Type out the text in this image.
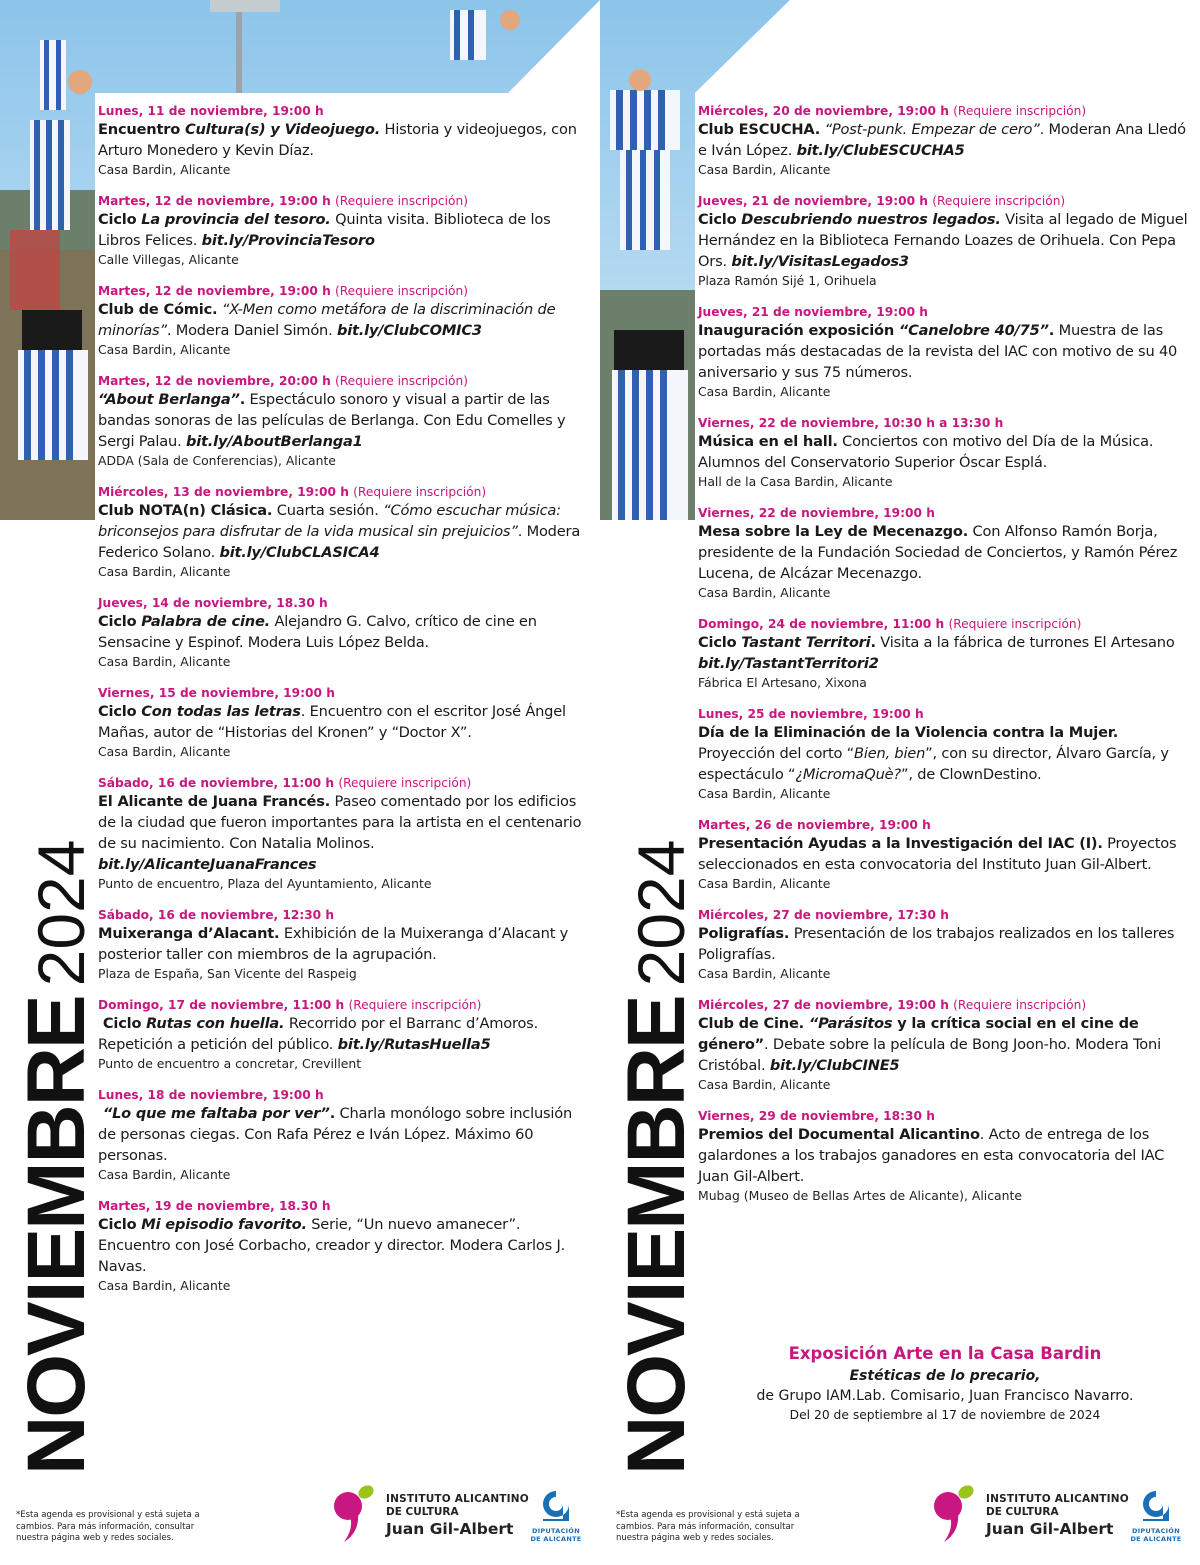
NOVIEMBRE2024
Lunes, 11 de noviembre, 19:00 h
Encuentro Cultura(s) y Videojuego. Historia y videojuegos, con Arturo Monedero y Kevin Díaz.
Casa Bardin, Alicante
Martes, 12 de noviembre, 19:00 h (Requiere inscripción)
Ciclo La provincia del tesoro. Quinta visita. Biblioteca de los Libros Felices. bit.ly/ProvinciaTesoro
Calle Villegas, Alicante
Martes, 12 de noviembre, 19:00 h (Requiere inscripción)
Club de Cómic. “X-Men como metáfora de la discriminación de minorías”. Modera Daniel Simón. bit.ly/ClubCOMIC3
Casa Bardin, Alicante
Martes, 12 de noviembre, 20:00 h (Requiere inscripción)
“About Berlanga”. Espectáculo sonoro y visual a partir de las bandas sonoras de las películas de Berlanga. Con Edu Comelles y Sergi Palau. bit.ly/AboutBerlanga1
ADDA (Sala de Conferencias), Alicante
Miércoles, 13 de noviembre, 19:00 h (Requiere inscripción)
Club NOTA(n) Clásica. Cuarta sesión. “Cómo escuchar música: briconsejos para disfrutar de la vida musical sin prejuicios”. Modera Federico Solano. bit.ly/ClubCLASICA4
Casa Bardin, Alicante
Jueves, 14 de noviembre, 18.30 h
Ciclo Palabra de cine. Alejandro G. Calvo, crítico de cine en Sensacine y Espinof. Modera Luis López Belda.
Casa Bardin, Alicante
Viernes, 15 de noviembre, 19:00 h
Ciclo Con todas las letras. Encuentro con el escritor José Ángel Mañas, autor de “Historias del Kronen” y “Doctor X”.
Casa Bardin, Alicante
Sábado, 16 de noviembre, 11:00 h (Requiere inscripción)
El Alicante de Juana Francés. Paseo comentado por los edificios de la ciudad que fueron importantes para la artista en el centenario de su nacimiento. Con Natalia Molinos. bit.ly/AlicanteJuanaFrances
Punto de encuentro, Plaza del Ayuntamiento, Alicante
Sábado, 16 de noviembre, 12:30 h
Muixeranga d’Alacant. Exhibición de la Muixeranga d’Alacant y posterior taller con miembros de la agrupación.
Plaza de España, San Vicente del Raspeig
Domingo, 17 de noviembre, 11:00 h (Requiere inscripción)
Ciclo Rutas con huella. Recorrido por el Barranc d’Amoros. Repetición a petición del público. bit.ly/RutasHuella5
Punto de encuentro a concretar, Crevillent
Lunes, 18 de noviembre, 19:00 h
“Lo que me faltaba por ver”. Charla monólogo sobre inclusión de personas ciegas. Con Rafa Pérez e Iván López. Máximo 60 personas.
Casa Bardin, Alicante
Martes, 19 de noviembre, 18.30 h
Ciclo Mi episodio favorito. Serie, “Un nuevo amanecer”. Encuentro con José Corbacho, creador y director. Modera Carlos J. Navas.
Casa Bardin, Alicante
*Esta agenda es provisional y está sujeta a cambios. Para más información, consultar nuestra página web y redes sociales.
INSTITUTO ALICANTINO
DE CULTURA
Juan Gil-Albert	DIPUTACIÓN
DE ALICANTE
NOVIEMBRE2024
Miércoles, 20 de noviembre, 19:00 h (Requiere inscripción)
Club ESCUCHA. “Post-punk. Empezar de cero”. Moderan Ana Lledó e Iván López. bit.ly/ClubESCUCHA5
Casa Bardin, Alicante
Jueves, 21 de noviembre, 19:00 h (Requiere inscripción)
Ciclo Descubriendo nuestros legados. Visita al legado de Miguel Hernández en la Biblioteca Fernando Loazes de Orihuela. Con Pepa Ors. bit.ly/VisitasLegados3
Plaza Ramón Sijé 1, Orihuela
Jueves, 21 de noviembre, 19:00 h
Inauguración exposición “Canelobre 40/75”. Muestra de las portadas más destacadas de la revista del IAC con motivo de su 40 aniversario y sus 75 números.
Casa Bardin, Alicante
Viernes, 22 de noviembre, 10:30 h a 13:30 h
Música en el hall. Conciertos con motivo del Día de la Música. Alumnos del Conservatorio Superior Óscar Esplá.
Hall de la Casa Bardin, Alicante
Viernes, 22 de noviembre, 19:00 h
Mesa sobre la Ley de Mecenazgo. Con Alfonso Ramón Borja, presidente de la Fundación Sociedad de Conciertos, y Ramón Pérez Lucena, de Alcázar Mecenazgo.
Casa Bardin, Alicante
Domingo, 24 de noviembre, 11:00 h (Requiere inscripción)
Ciclo Tastant Territori. Visita a la fábrica de turrones El Artesano bit.ly/TastantTerritori2
Fábrica El Artesano, Xixona
Lunes, 25 de noviembre, 19:00 h
Día de la Eliminación de la Violencia contra la Mujer. Proyección del corto “Bien, bien”, con su director, Álvaro García, y espectáculo “¿MicromaQuè?”, de ClownDestino.
Casa Bardin, Alicante
Martes, 26 de noviembre, 19:00 h
Presentación Ayudas a la Investigación del IAC (I). Proyectos seleccionados en esta convocatoria del Instituto Juan Gil-Albert.
Casa Bardin, Alicante
Miércoles, 27 de noviembre, 17:30 h
Poligrafías. Presentación de los trabajos realizados en los talleres Poligrafías.
Casa Bardin, Alicante
Miércoles, 27 de noviembre, 19:00 h (Requiere inscripción)
Club de Cine. “Parásitos y la crítica social en el cine de género”. Debate sobre la película de Bong Joon-ho. Modera Toni Cristóbal. bit.ly/ClubCINE5
Casa Bardin, Alicante
Viernes, 29 de noviembre, 18:30 h
Premios del Documental Alicantino. Acto de entrega de los galardones a los trabajos ganadores en esta convocatoria del IAC Juan Gil-Albert.
Mubag (Museo de Bellas Artes de Alicante), Alicante
Exposición Arte en la Casa Bardin
Estéticas de lo precario,
de Grupo IAM.Lab. Comisario, Juan Francisco Navarro.
Del 20 de septiembre al 17 de noviembre de 2024
*Esta agenda es provisional y está sujeta a cambios. Para más información, consultar nuestra página web y redes sociales.
INSTITUTO ALICANTINO
DE CULTURA
Juan Gil-Albert	DIPUTACIÓN
DE ALICANTE
